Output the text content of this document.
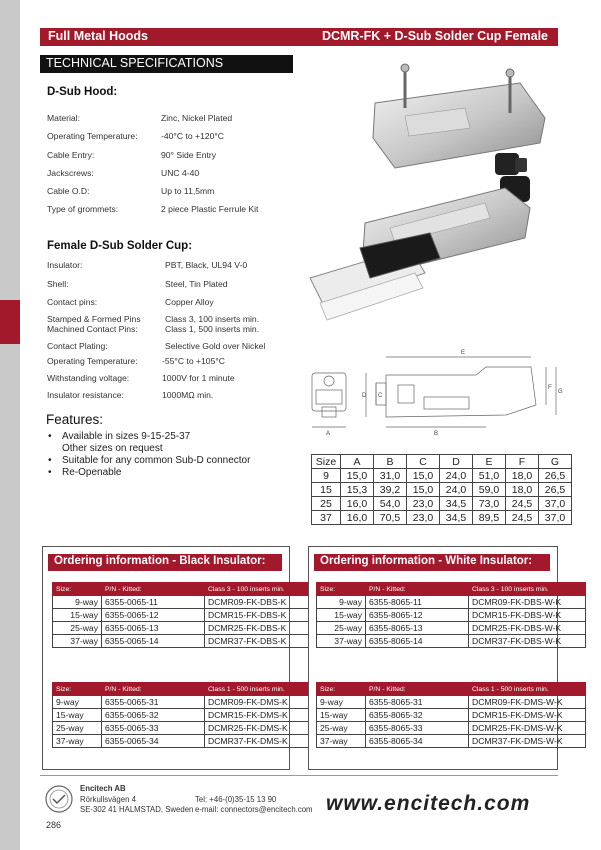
Full Metal Hoods	DCMR-FK + D-Sub Solder Cup Female
TECHNICAL SPECIFICATIONS
D-Sub Hood:
Material:	Zinc, Nickel Plated
Operating Temperature:	-40°C to +120°C
Cable Entry:	90° Side Entry
Jackscrews:	UNC 4-40
Cable O.D:	Up to 11,5mm
Type of grommets:	2 piece Plastic Ferrule Kit
Female D-Sub Solder Cup:
Insulator:	PBT, Black, UL94 V-0
Shell:	Steel, Tin Plated
Contact pins:	Copper Alloy
Stamped & Formed Pins	Class 3, 100 inserts min.
Machined Contact Pins:	Class 1, 500 inserts min.
Contact Plating:	Selective Gold over Nickel
Operating Temperature:	-55°C to +105°C
Withstanding voltage:	1000V for 1 minute
Insulator resistance:	1000MΩ min.
E
A	B
C
D
F
G
Features:
• Available in sizes 9-15-25-37
Other sizes on request
• Suitable for any common Sub-D connector
• Re-Openable
Size	A	B	C	D	E	F	G
9	15,0	31,0	15,0	24,0	51,0	18,0	26,5
15	15,3	39,2	15,0	24,0	59,0	18,0	26,5
25	16,0	54,0	23,0	34,5	73,0	24,5	37,0
37	16,0	70,5	23,0	34,5	89,5	24,5	37,0
Ordering information - Black Insulator:
Size:	P/N - Kitted:	Class 3 - 100 inserts min.
9-way	6355-0065-11	DCMR09-FK-DBS-K
15-way	6355-0065-12	DCMR15-FK-DBS-K
25-way	6355-0065-13	DCMR25-FK-DBS-K
37-way	6355-0065-14	DCMR37-FK-DBS-K
Size:	P/N - Kitted:	Class 1 - 500 inserts min.
9-way	6355-0065-31	DCMR09-FK-DMS-K
15-way	6355-0065-32	DCMR15-FK-DMS-K
25-way	6355-0065-33	DCMR25-FK-DMS-K
37-way	6355-0065-34	DCMR37-FK-DMS-K
Ordering information - White Insulator:
Size:	P/N - Kitted:	Class 3 - 100 inserts min.
9-way	6355-8065-11	DCMR09-FK-DBS-W-K
15-way	6355-8065-12	DCMR15-FK-DBS-W-K
25-way	6355-8065-13	DCMR25-FK-DBS-W-K
37-way	6355-8065-14	DCMR37-FK-DBS-W-K
Size:	P/N - Kitted:	Class 1 - 500 inserts min.
9-way	6355-8065-31	DCMR09-FK-DMS-W-K
15-way	6355-8065-32	DCMR15-FK-DMS-W-K
25-way	6355-8065-33	DCMR25-FK-DMS-W-K
37-way	6355-8065-34	DCMR37-FK-DMS-W-K
Encitech AB
Rörkullsvägen 4
SE-302 41 HALMSTAD, Sweden
Tel: +46-(0)35-15 13 90
e-mail: connectors@encitech.com www.encitech.com
286
